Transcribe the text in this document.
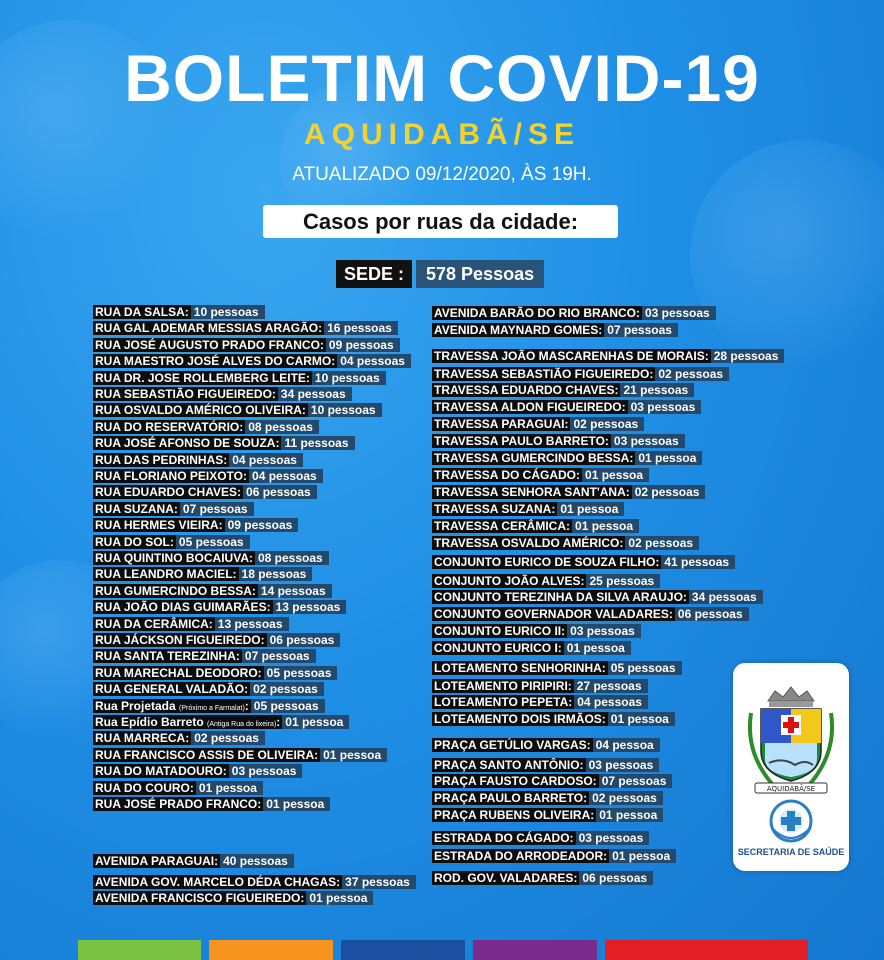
BOLETIM COVID-19
AQUIDABÃ/SE
ATUALIZADO 09/12/2020, ÀS 19H.
Casos por ruas da cidade:
SEDE :	578 Pessoas
RUA DA SALSA: 10 pessoas
RUA GAL ADEMAR MESSIAS ARAGÃO: 16 pessoas
RUA JOSÉ AUGUSTO PRADO FRANCO: 09 pessoas
RUA MAESTRO JOSÉ ALVES DO CARMO: 04 pessoas
RUA DR. JOSE ROLLEMBERG LEITE: 10 pessoas
RUA SEBASTIÃO FIGUEIREDO: 34 pessoas
RUA OSVALDO AMÉRICO OLIVEIRA: 10 pessoas
RUA DO RESERVATÓRIO: 08 pessoas
RUA JOSÉ AFONSO DE SOUZA: 11 pessoas
RUA DAS PEDRINHAS: 04 pessoas
RUA FLORIANO PEIXOTO: 04 pessoas
RUA EDUARDO CHAVES: 06 pessoas
RUA SUZANA: 07 pessoas
RUA HERMES VIEIRA: 09 pessoas
RUA DO SOL: 05 pessoas
RUA QUINTINO BOCAIUVA: 08 pessoas
RUA LEANDRO MACIEL: 18 pessoas
RUA GUMERCINDO BESSA: 14 pessoas
RUA JOÃO DIAS GUIMARÃES: 13 pessoas
RUA DA CERÂMICA: 13 pessoas
RUA JÁCKSON FIGUEIREDO: 06 pessoas
RUA SANTA TEREZINHA: 07 pessoas
RUA MARECHAL DEODORO: 05 pessoas
RUA GENERAL VALADÃO: 02 pessoas
Rua Projetada (Próximo a Farmalat): 05 pessoas
Rua Epídio Barreto (Antiga Rua do lixeira): 01 pessoa
RUA MARRECA: 02 pessoas
RUA FRANCISCO ASSIS DE OLIVEIRA: 01 pessoa
RUA DO MATADOURO: 03 pessoas
RUA DO COURO: 01 pessoa
RUA JOSÉ PRADO FRANCO: 01 pessoa
AVENIDA PARAGUAI: 40 pessoas
AVENIDA GOV. MARCELO DÉDA CHAGAS: 37 pessoas
AVENIDA FRANCISCO FIGUEIREDO: 01 pessoa
AVENIDA BARÃO DO RIO BRANCO: 03 pessoas
AVENIDA MAYNARD GOMES: 07 pessoas
TRAVESSA JOÃO MASCARENHAS DE MORAIS: 28 pessoas
TRAVESSA SEBASTIÃO FIGUEIREDO: 02 pessoas
TRAVESSA EDUARDO CHAVES: 21 pessoas
TRAVESSA ALDON FIGUEIREDO: 03 pessoas
TRAVESSA PARAGUAI: 02 pessoas
TRAVESSA PAULO BARRETO: 03 pessoas
TRAVESSA GUMERCINDO BESSA: 01 pessoa
TRAVESSA DO CÁGADO: 01 pessoa
TRAVESSA SENHORA SANT'ANA: 02 pessoas
TRAVESSA SUZANA: 01 pessoa
TRAVESSA CERÂMICA: 01 pessoa
TRAVESSA OSVALDO AMÉRICO: 02 pessoas
CONJUNTO EURICO DE SOUZA FILHO: 41 pessoas
CONJUNTO JOÃO ALVES: 25 pessoas
CONJUNTO TEREZINHA DA SILVA ARAUJO: 34 pessoas
CONJUNTO GOVERNADOR VALADARES: 06 pessoas
CONJUNTO EURICO II: 03 pessoas
CONJUNTO EURICO I: 01 pessoa
LOTEAMENTO SENHORINHA: 05 pessoas
LOTEAMENTO PIRIPIRI: 27 pessoas
LOTEAMENTO PEPETA: 04 pessoas
LOTEAMENTO DOIS IRMÃOS: 01 pessoa
PRAÇA GETÚLIO VARGAS: 04 pessoa
PRAÇA SANTO ANTÔNIO: 03 pessoas
PRAÇA FAUSTO CARDOSO: 07 pessoas
PRAÇA PAULO BARRETO: 02 pessoas
PRAÇA RUBENS OLIVEIRA: 01 pessoa
ESTRADA DO CÁGADO: 03 pessoas
ESTRADA DO ARRODEADOR: 01 pessoa
ROD. GOV. VALADARES: 06 pessoas
AQUIDABÃ/SE
SECRETARIA DE SAÚDE
